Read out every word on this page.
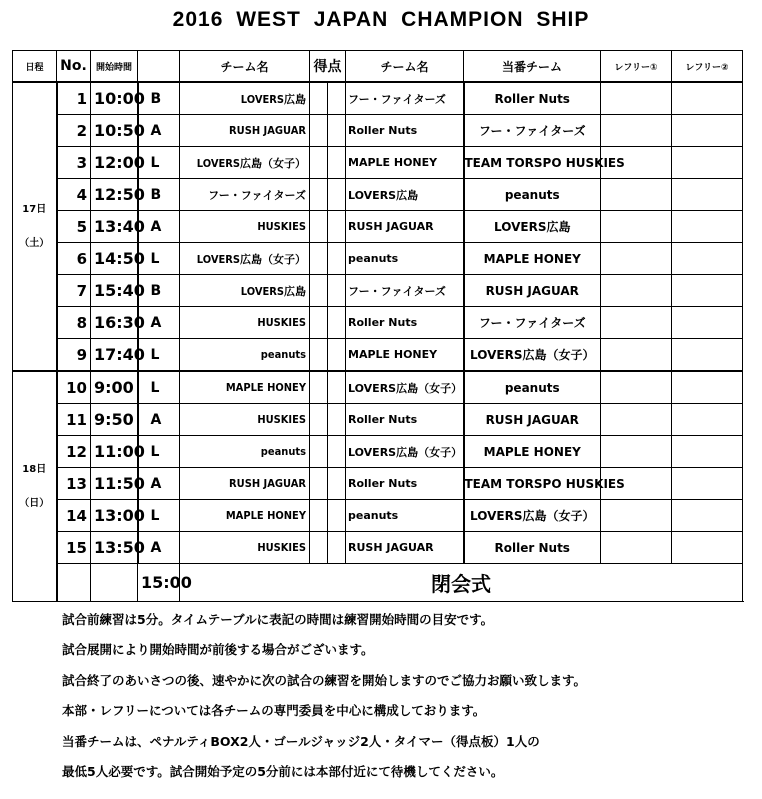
2016 WEST JAPAN CHAMPION SHIP
日程	No.	開始時間		チーム名	得点		チーム名	当番チーム	レフリー①	レフリー②
17日
（土）	1	10:00	B	LOVERS広島			フー・ファイターズ	Roller Nuts		
	2	10:50	A	RUSH JAGUAR			Roller Nuts	フー・ファイターズ		
	3	12:00	L	LOVERS広島（女子）			MAPLE HONEY	TEAM TORSPO HUSKIES		
	4	12:50	B	フー・ファイターズ			LOVERS広島	peanuts		
	5	13:40	A	HUSKIES			RUSH JAGUAR	LOVERS広島		
	6	14:50	L	LOVERS広島（女子）			peanuts	MAPLE HONEY		
	7	15:40	B	LOVERS広島			フー・ファイターズ	RUSH JAGUAR		
	8	16:30	A	HUSKIES			Roller Nuts	フー・ファイターズ		
	9	17:40	L	peanuts			MAPLE HONEY	LOVERS広島（女子）		
18日
（日）	10	9:00	L	MAPLE HONEY			LOVERS広島（女子）	peanuts		
	11	9:50	A	HUSKIES			Roller Nuts	RUSH JAGUAR		
	12	11:00	L	peanuts			LOVERS広島（女子）	MAPLE HONEY		
	13	11:50	A	RUSH JAGUAR			Roller Nuts	TEAM TORSPO HUSKIES		
	14	13:00	L	MAPLE HONEY			peanuts	LOVERS広島（女子）		
	15	13:50	A	HUSKIES			RUSH JAGUAR	Roller Nuts		
			15:00	閉会式						
試合前練習は5分。タイムテーブルに表記の時間は練習開始時間の目安です。
試合展開により開始時間が前後する場合がございます。
試合終了のあいさつの後、速やかに次の試合の練習を開始しますのでご協力お願い致します。
本部・レフリーについては各チームの専門委員を中心に構成しております。
当番チームは、ペナルティBOX2人・ゴールジャッジ2人・タイマー（得点板）1人の
最低5人必要です。試合開始予定の5分前には本部付近にて待機してください。
